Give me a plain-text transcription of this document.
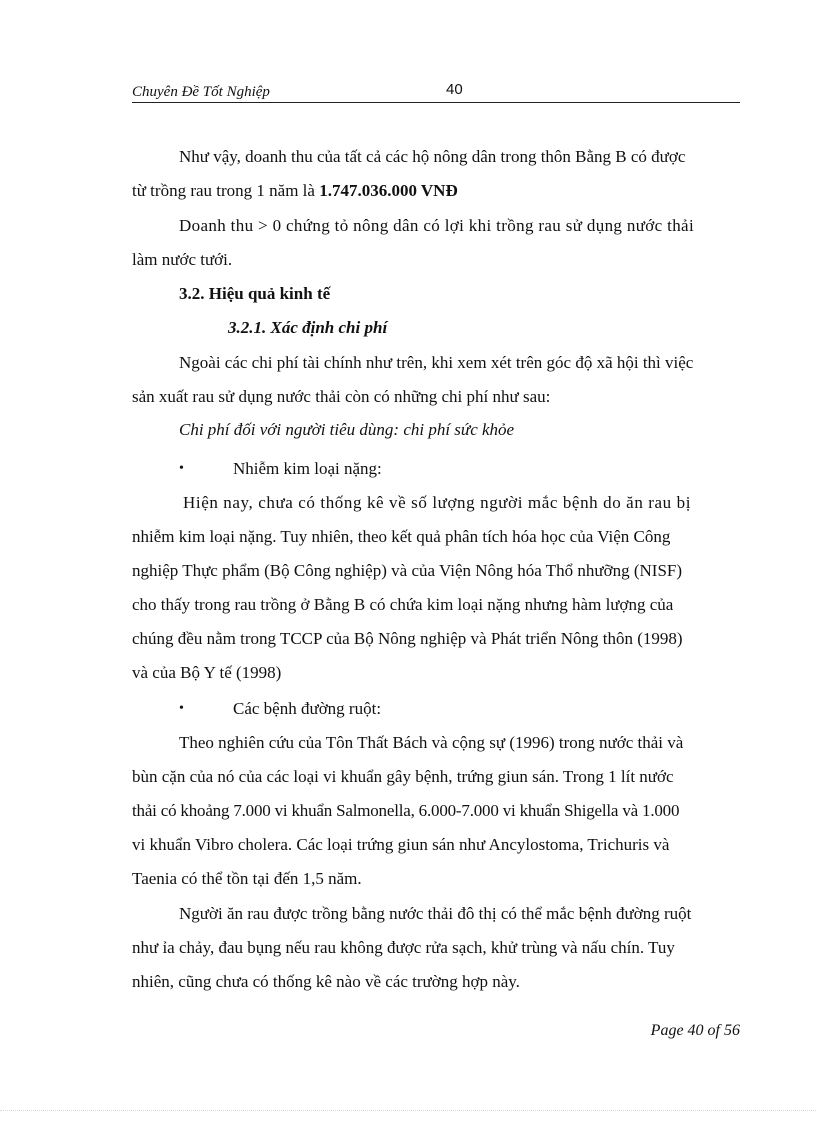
Chuyên Đề Tốt Nghiệp	40
Như vậy, doanh thu của tất cả các hộ nông dân trong thôn Bằng B có được
từ trồng rau trong 1 năm là 1.747.036.000 VNĐ
Doanh thu > 0 chứng tỏ nông dân có lợi khi trồng rau sử dụng nước thải
làm nước tưới.
3.2. Hiệu quả kinh tế
3.2.1. Xác định chi phí
Ngoài các chi phí tài chính như trên, khi xem xét trên góc độ xã hội thì việc
sản xuất rau sử dụng nước thải còn có những chi phí như sau:
Chi phí đối với người tiêu dùng: chi phí sức khỏe
•	Nhiễm kim loại nặng:
Hiện nay, chưa có thống kê về số lượng người mắc bệnh do ăn rau bị
nhiễm kim loại nặng. Tuy nhiên, theo kết quả phân tích hóa học của Viện Công
nghiệp Thực phẩm (Bộ Công nghiệp) và của Viện Nông hóa Thổ nhưỡng (NISF)
cho thấy trong rau trồng ở Bằng B có chứa kim loại nặng nhưng hàm lượng của
chúng đều nằm trong TCCP của Bộ Nông nghiệp và Phát triển Nông thôn (1998)
và của Bộ Y tế (1998)
•	Các bệnh đường ruột:
Theo nghiên cứu của Tôn Thất Bách và cộng sự (1996) trong nước thải và
bùn cặn của nó của các loại vi khuẩn gây bệnh, trứng giun sán. Trong 1 lít nước
thải có khoảng 7.000 vi khuẩn Salmonella, 6.000-7.000 vi khuẩn Shigella và 1.000
vi khuẩn Vibro cholera. Các loại trứng giun sán như Ancylostoma, Trichuris và
Taenia có thể tồn tại đến 1,5 năm.
Người ăn rau được trồng bằng nước thải đô thị có thể mắc bệnh đường ruột
như ỉa chảy, đau bụng nếu rau không được rửa sạch, khử trùng và nấu chín. Tuy
nhiên, cũng chưa có thống kê nào về các trường hợp này.
Page 40 of 56
